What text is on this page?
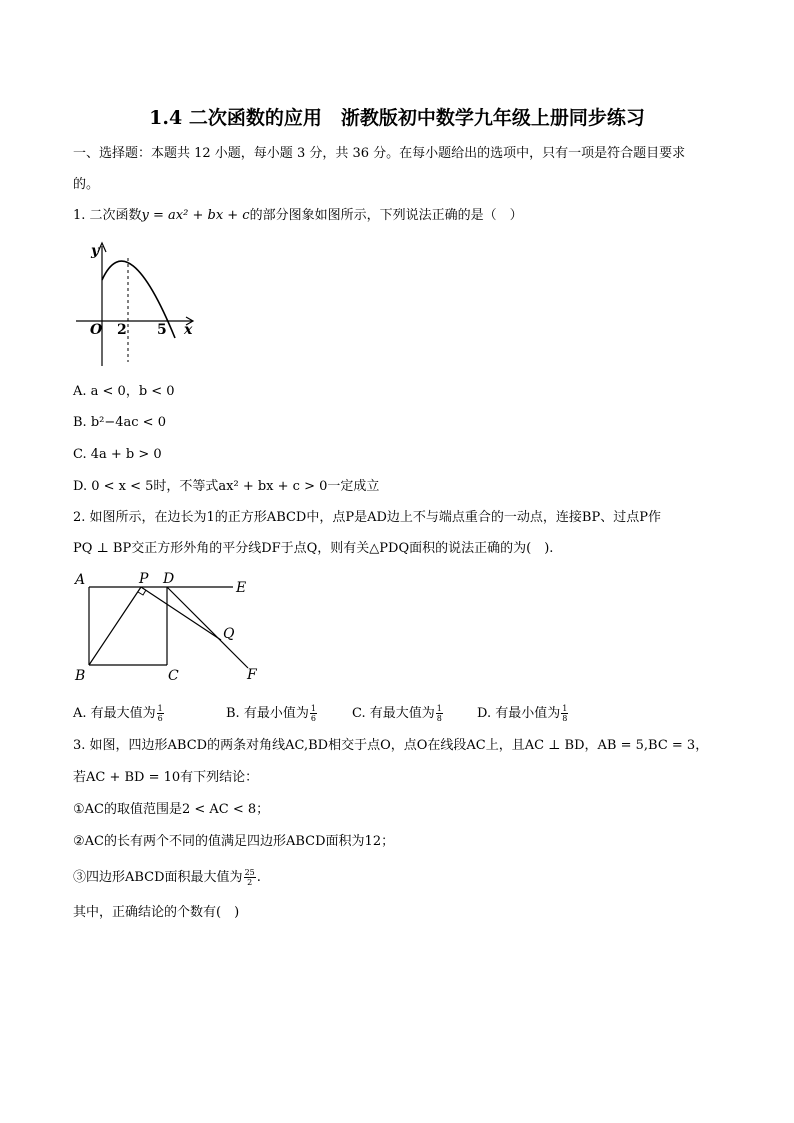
1.4 二次函数的应用　浙教版初中数学九年级上册同步练习
一、选择题：本题共 12 小题，每小题 3 分，共 36 分。在每小题给出的选项中，只有一项是符合题目要求
的。
1. 二次函数y = ax² + bx + c的部分图象如图所示，下列说法正确的是（　）
y
x
O 2 5
A. a < 0，b < 0
B. b²−4ac < 0
C. 4a + b > 0
D. 0 < x < 5时，不等式ax² + bx + c > 0一定成立
2. 如图所示，在边长为1的正方形ABCD中，点P是AD边上不与端点重合的一动点，连接BP、过点P作
PQ ⊥ BP交正方形外角的平分线DF于点Q，则有关△PDQ面积的说法正确的为(　).
A	P D
E
Q
B	C	F
A. 有最大值为 $\frac{1}{6}$	B. 有最小值为 $\frac{1}{6}$	C. 有最大值为 $\frac{1}{8}$	D. 有最小值为 $\frac{1}{8}$
3. 如图，四边形ABCD的两条对角线AC,BD相交于点O，点O在线段AC上，且AC ⊥ BD，AB = 5,BC = 3，
若AC + BD = 10有下列结论：
①AC的取值范围是2 < AC < 8；
②AC的长有两个不同的值满足四边形ABCD面积为12；
③四边形ABCD面积最大值为 $\frac{25}{2}$ .
其中，正确结论的个数有(　)
